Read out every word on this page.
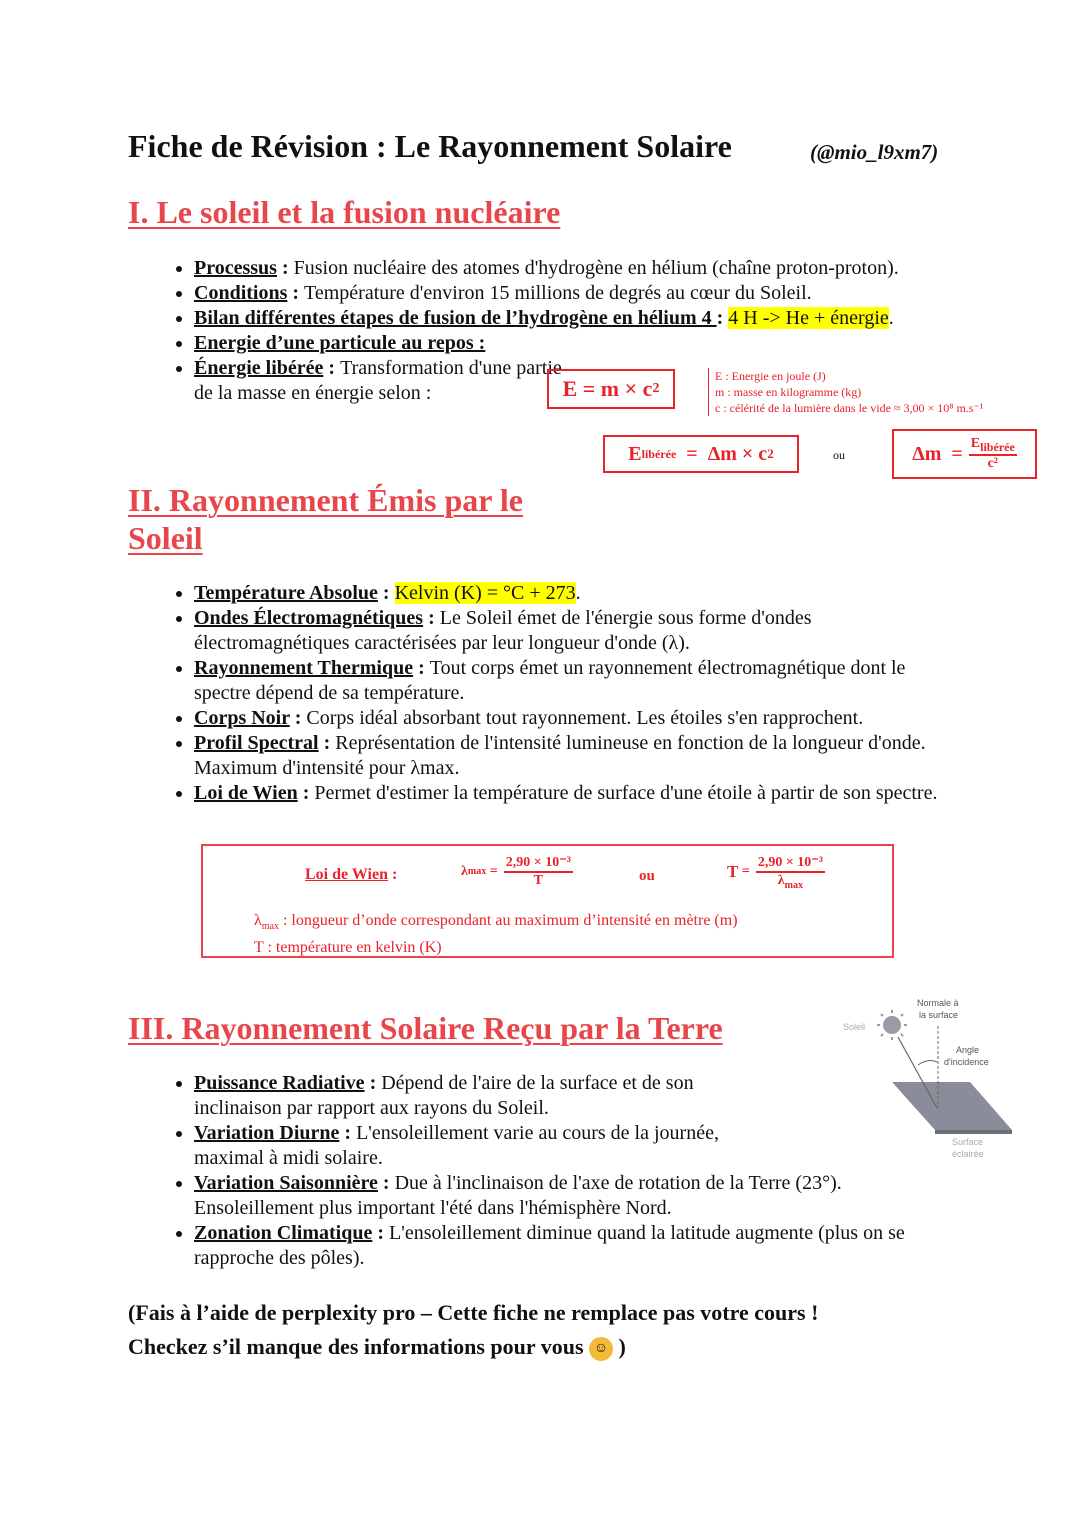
Fiche de Révision : Le Rayonnement Solaire	(@mio_l9xm7)
I. Le soleil et la fusion nucléaire
• Processus : Fusion nucléaire des atomes d'hydrogène en hélium (chaîne proton-proton).
• Conditions : Température d'environ 15 millions de degrés au cœur du Soleil.
• Bilan différentes étapes de fusion de l’hydrogène en hélium 4 : 4 H -> He + énergie.
• Energie d’une particule au repos :
• Énergie libérée : Transformation d'une partie de la masse en énergie selon :	E
=
m × c 2
E : Energie en joule (J)
m : masse en kilogramme (kg)
c : célérité de la lumière dans le vide ≈ 3,00 × 10⁸ m.s⁻¹
E libérée
=
Δm × c 2	ou	Δm
= $\frac{E_{libérée}}{\text{c²}}$
II. Rayonnement Émis par le
Soleil
• Température Absolue : Kelvin (K) = °C + 273.
• Ondes Électromagnétiques : Le Soleil émet de l'énergie sous forme d'ondes électromagnétiques caractérisées par leur longueur d'onde (λ).
• Rayonnement Thermique : Tout corps émet un rayonnement électromagnétique dont le spectre dépend de sa température.
• Corps Noir : Corps idéal absorbant tout rayonnement. Les étoiles s'en rapprochent.
• Profil Spectral : Représentation de l'intensité lumineuse en fonction de la longueur d'onde. Maximum d'intensité pour λmax.
• Loi de Wien : Permet d'estimer la température de surface d'une étoile à partir de son spectre.
Loi de Wien :	λ max
= $\frac{\text{2,90 × 10⁻³}}{T}$	ou	T
= $\frac{\text{2,90 × 10⁻³}}{\lambda_{max}}$
$\lambda_{max}$ : longueur d’onde correspondant au maximum d’intensité en mètre (m)
T : température en kelvin (K)
III. Rayonnement Solaire Reçu par la Terre
• Puissance Radiative : Dépend de l'aire de la surface et de son inclinaison par rapport aux rayons du Soleil.
• Variation Diurne : L'ensoleillement varie au cours de la journée, maximal à midi solaire.
• Variation Saisonnière : Due à l'inclinaison de l'axe de rotation de la Terre (23°). Ensoleillement plus important l'été dans l'hémisphère Nord.
• Zonation Climatique : L'ensoleillement diminue quand la latitude augmente (plus on se rapproche des pôles).
Soleil
Normale à
la surface
Angle
d'incidence
Surface
éclairée
(Fais à l’aide de perplexity pro – Cette fiche ne remplace pas votre cours !
Checkez s’il manque des informations pour vous ☺ )
